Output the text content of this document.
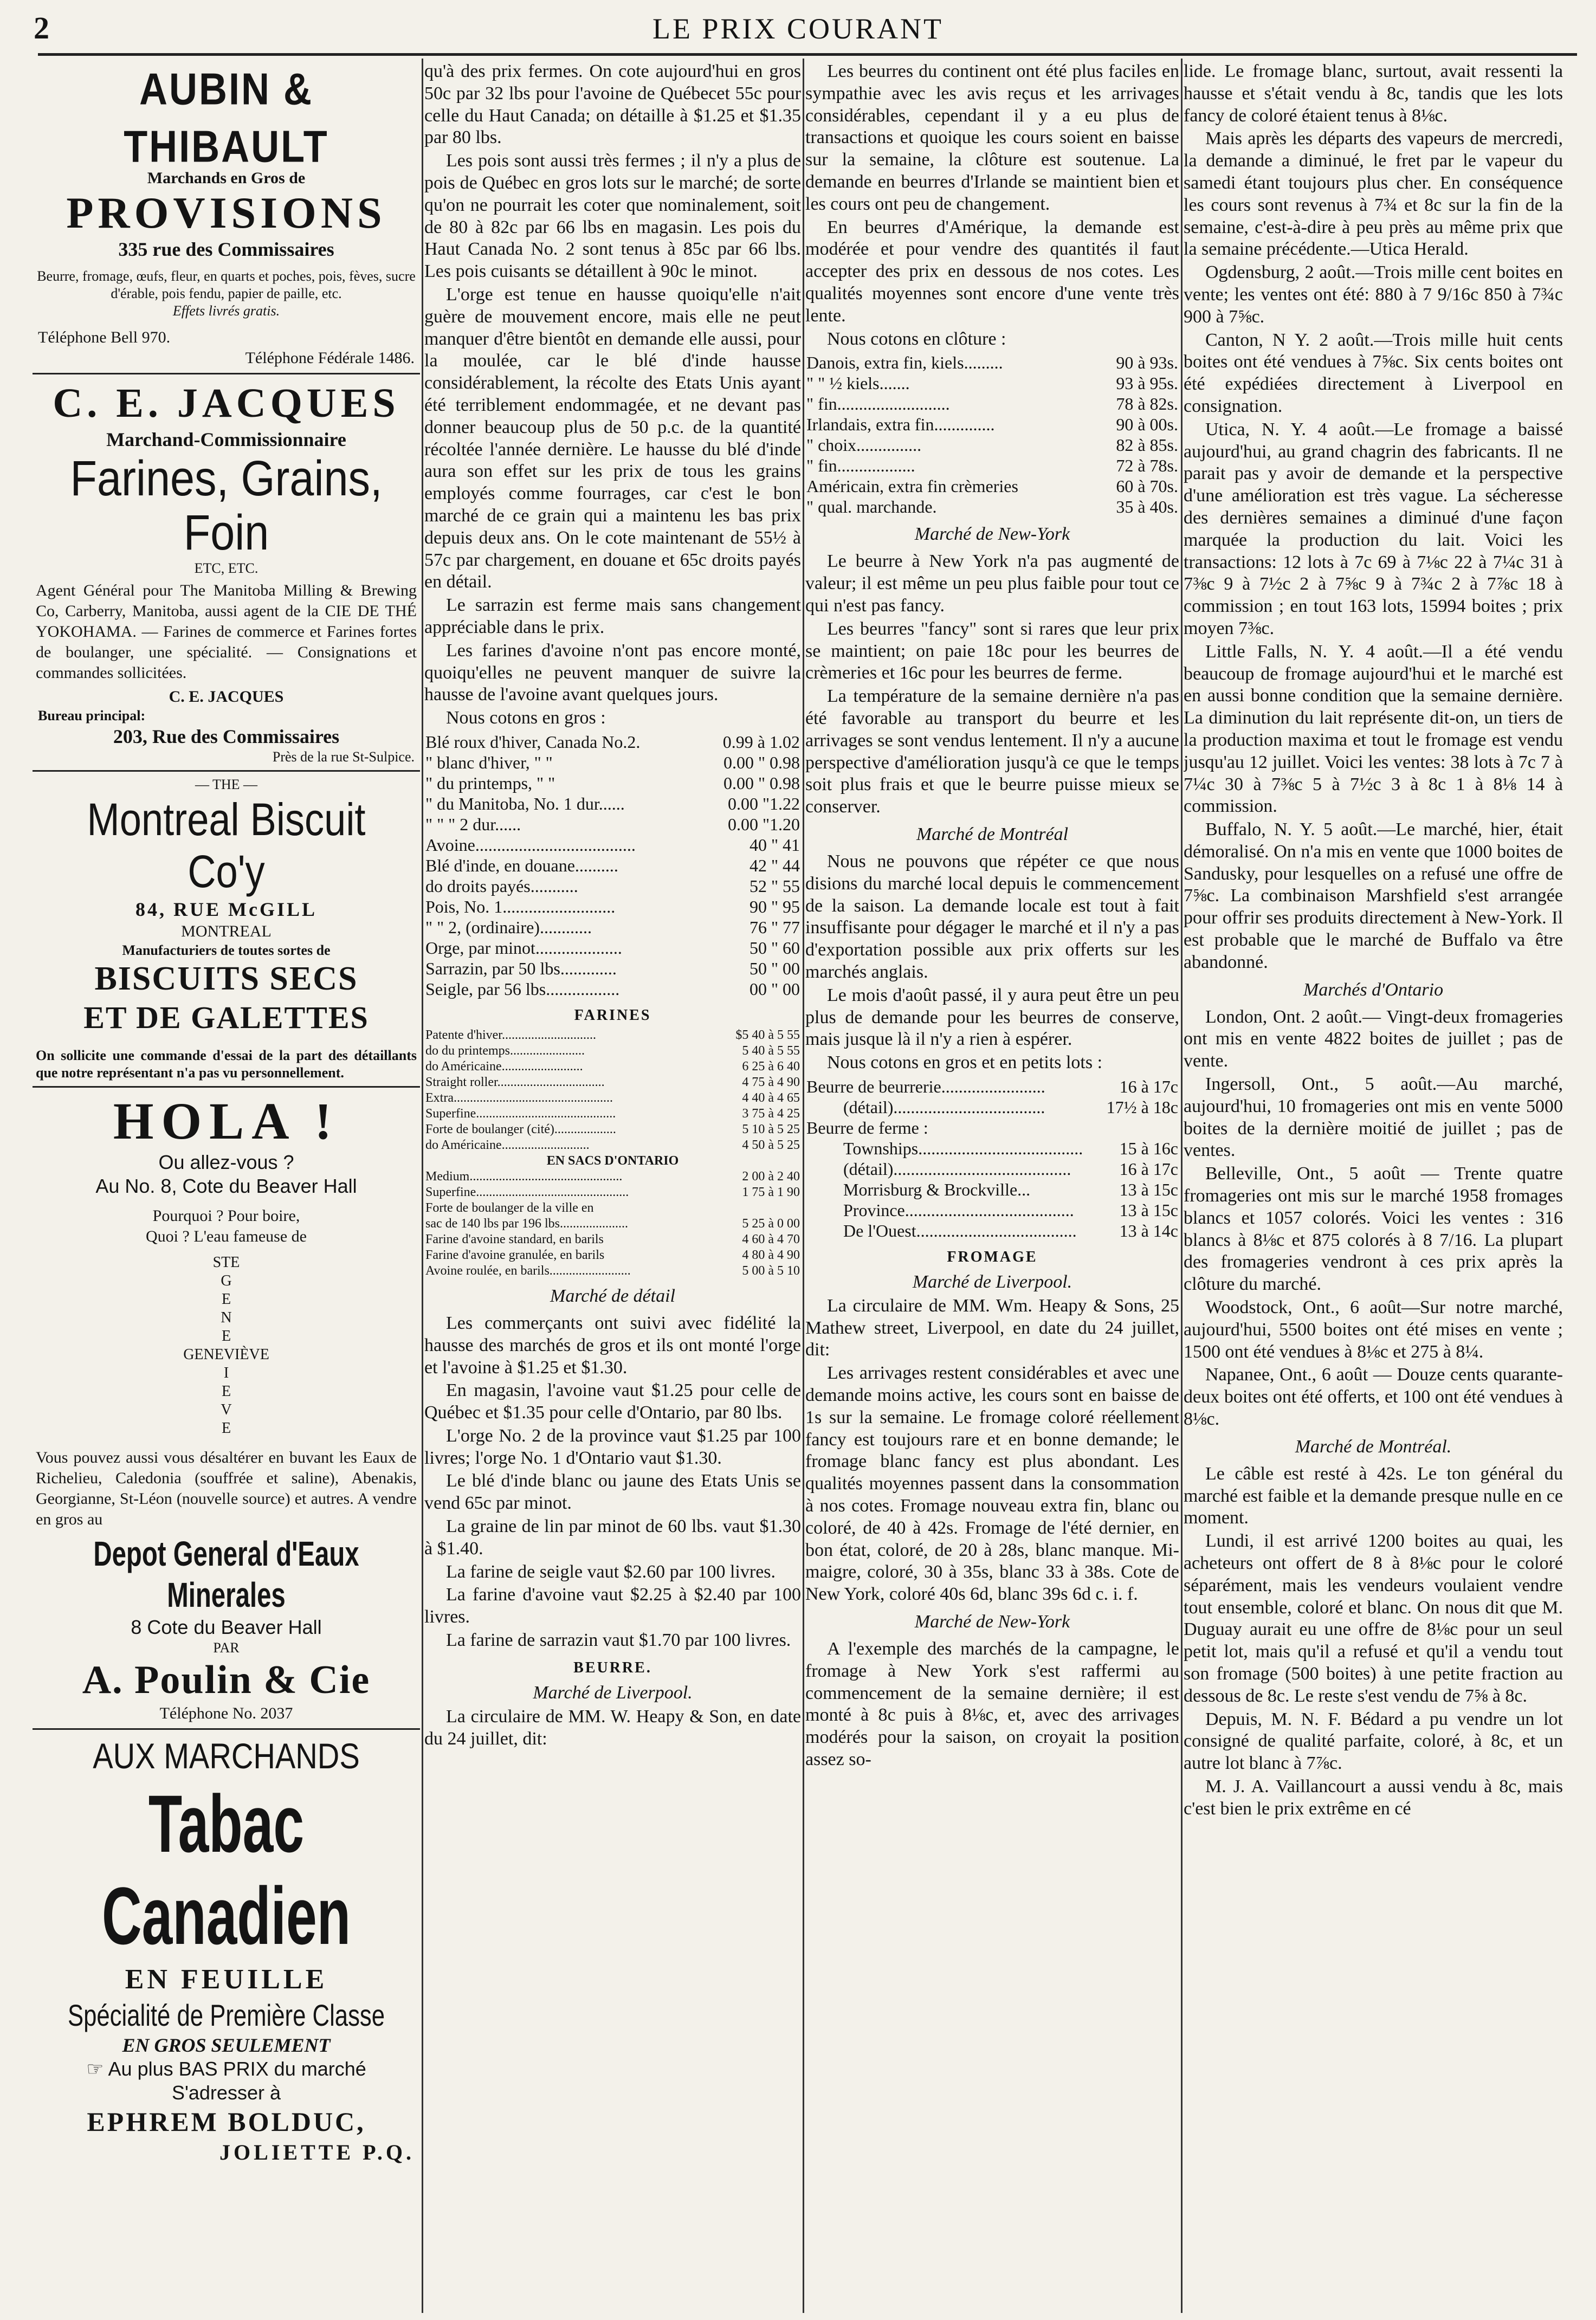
2	LE PRIX COURANT
AUBIN & THIBAULT
Marchands en Gros de
PROVISIONS
335 rue des Commissaires
Beurre, fromage, œufs, fleur, en quarts et poches, pois, fèves, sucre d'érable, pois fendu, papier de paille, etc.
Effets livrés gratis.
Téléphone Bell 970.
Téléphone Fédérale 1486.
C. E. JACQUES
Marchand-Commissionnaire
Farines, Grains, Foin
ETC, ETC.
Agent Général pour The Manitoba Milling & Brewing Co, Carberry, Manitoba, aussi agent de la CIE DE THÉ YOKOHAMA. — Farines de commerce et Farines fortes de boulanger, une spécialité. — Consignations et commandes sollicitées.
C. E. JACQUES
Bureau principal:
203, Rue des Commissaires
Près de la rue St-Sulpice.
— THE —
Montreal Biscuit Co'y
84, RUE McGILL
MONTREAL
Manufacturiers de toutes sortes de
BISCUITS SECS
ET DE GALETTES
On sollicite une commande d'essai de la part des détaillants que notre représentant n'a pas vu personnellement.
HOLA !
Ou allez-vous ?
Au No. 8, Cote du Beaver Hall
Pourquoi ? Pour boire,
Quoi ? L'eau fameuse de
STE
G
E
N
E
GENEVIÈVE
I
E
V
E
Vous pouvez aussi vous désaltérer en buvant les Eaux de Richelieu, Caledonia (souffrée et saline), Abenakis, Georgianne, St-Léon (nouvelle source) et autres. A vendre en gros au
Depot General d'Eaux Minerales
8 Cote du Beaver Hall
PAR
A. Poulin & Cie
Téléphone No. 2037
AUX MARCHANDS
Tabac Canadien
EN FEUILLE
Spécialité de Première Classe
EN GROS SEULEMENT
☞ Au plus BAS PRIX du marché
S'adresser à
EPHREM BOLDUC,
JOLIETTE P.Q.

qu'à des prix fermes. On cote aujourd'hui en gros 50c par 32 lbs pour l'avoine de Québecet 55c pour celle du Haut Canada; on détaille à $1.25 et $1.35 par 80 lbs.

Les pois sont aussi très fermes ; il n'y a plus de pois de Québec en gros lots sur le marché; de sorte qu'on ne pourrait les coter que nominalement, soit de 80 à 82c par 66 lbs en magasin. Les pois du Haut Canada No. 2 sont tenus à 85c par 66 lbs. Les pois cuisants se détaillent à 90c le minot.

L'orge est tenue en hausse quoiqu'elle n'ait guère de mouvement encore, mais elle ne peut manquer d'être bientôt en demande elle aussi, pour la moulée, car le blé d'inde hausse considérablement, la récolte des Etats Unis ayant été terriblement endommagée, et ne devant pas donner beaucoup plus de 50 p.c. de la quantité récoltée l'année dernière. Le hausse du blé d'inde aura son effet sur les prix de tous les grains employés comme fourrages, car c'est le bon marché de ce grain qui a maintenu les bas prix depuis deux ans. On le cote maintenant de 55½ à 57c par chargement, en douane et 65c droits payés en détail.

Le sarrazin est ferme mais sans changement appréciable dans le prix.

Les farines d'avoine n'ont pas encore monté, quoiqu'elles ne peuvent manquer de suivre la hausse de l'avoine avant quelques jours.

Nous cotons en gros :

Blé roux d'hiver, Canada No.2.	0.99 à 1.02
" blanc d'hiver, " "	0.00 " 0.98
" du printemps, " "	0.00 " 0.98
" du Manitoba, No. 1 dur......	0.00 "1.22
" " " 2 dur......	0.00 "1.20
Avoine.....................................	40 " 41
Blé d'inde, en douane..........	42 " 44
do droits payés...........	52 " 55
Pois, No. 1..........................	90 " 95
" " 2, (ordinaire)............	76 " 77
Orge, par minot....................	50 " 60
Sarrazin, par 50 lbs.............	50 " 00
Seigle, par 56 lbs.................	00 " 00
FARINES
Patente d'hiver.............................	$5 40 à 5 55
do du printemps.......................	5 40 à 5 55
do Américaine.........................	6 25 à 6 40
Straight roller.................................	4 75 à 4 90
Extra.................................................	4 40 à 4 65
Superfine...........................................	3 75 à 4 25
Forte de boulanger (cité)...................	5 10 à 5 25
do Américaine...........................	4 50 à 5 25
EN SACS D'ONTARIO	
Medium...............................................	2 00 à 2 40
Superfine...............................................	1 75 à 1 90
Forte de boulanger de la ville en	
sac de 140 lbs par 196 lbs.....................	5 25 à 0 00
Farine d'avoine standard, en barils	4 60 à 4 70
Farine d'avoine granulée, en barils	4 80 à 4 90
Avoine roulée, en barils.........................	5 00 à 5 10
Marché de détail

Les commerçants ont suivi avec fidélité la hausse des marchés de gros et ils ont monté l'orge et l'avoine à $1.25 et $1.30.

En magasin, l'avoine vaut $1.25 pour celle de Québec et $1.35 pour celle d'Ontario, par 80 lbs.

L'orge No. 2 de la province vaut $1.25 par 100 livres; l'orge No. 1 d'Ontario vaut $1.30.

Le blé d'inde blanc ou jaune des Etats Unis se vend 65c par minot.

La graine de lin par minot de 60 lbs. vaut $1.30 à $1.40.

La farine de seigle vaut $2.60 par 100 livres.

La farine d'avoine vaut $2.25 à $2.40 par 100 livres.

La farine de sarrazin vaut $1.70 par 100 livres.

BEURRE.
Marché de Liverpool.

La circulaire de MM. W. Heapy & Son, en date du 24 juillet, dit:

Les beurres du continent ont été plus faciles en sympathie avec les avis reçus et les arrivages considérables, cependant il y a eu plus de transactions et quoique les cours soient en baisse sur la semaine, la clôture est soutenue. La demande en beurres d'Irlande se maintient bien et les cours ont peu de changement.

En beurres d'Amérique, la demande est modérée et pour vendre des quantités il faut accepter des prix en dessous de nos cotes. Les qualités moyennes sont encore d'une vente très lente.

Nous cotons en clôture :

Danois, extra fin, kiels.........	90 à 93s.
" " ½ kiels.......	93 à 95s.
" fin..........................	78 à 82s.
Irlandais, extra fin..............	90 à 00s.
" choix...............	82 à 85s.
" fin..................	72 à 78s.
Américain, extra fin crèmeries	60 à 70s.
" qual. marchande.	35 à 40s.
Marché de New-York

Le beurre à New York n'a pas augmenté de valeur; il est même un peu plus faible pour tout ce qui n'est pas fancy.

Les beurres "fancy" sont si rares que leur prix se maintient; on paie 18c pour les beurres de crèmeries et 16c pour les beurres de ferme.

La température de la semaine dernière n'a pas été favorable au transport du beurre et les arrivages se sont vendus lentement. Il n'y a aucune perspective d'amélioration jusqu'à ce que le temps soit plus frais et que le beurre puisse mieux se conserver.

Marché de Montréal

Nous ne pouvons que répéter ce que nous disions du marché local depuis le commencement de la saison. La demande locale est tout à fait insuffisante pour dégager le marché et il n'y a pas d'exportation possible aux prix offerts sur les marchés anglais.

Le mois d'août passé, il y aura peut être un peu plus de demande pour les beurres de conserve, mais jusque là il n'y a rien à espérer.

Nous cotons en gros et en petits lots :

Beurre de beurrerie........................	16 à 17c
(détail)...................................	17½ à 18c
Beurre de ferme :	
Townships......................................	15 à 16c
(détail).........................................	16 à 17c
Morrisburg & Brockville...	13 à 15c
Province.......................................	13 à 15c
De l'Ouest.....................................	13 à 14c
FROMAGE
Marché de Liverpool.

La circulaire de MM. Wm. Heapy & Sons, 25 Mathew street, Liverpool, en date du 24 juillet, dit:

Les arrivages restent considérables et avec une demande moins active, les cours sont en baisse de 1s sur la semaine. Le fromage coloré réellement fancy est toujours rare et en bonne demande; le fromage blanc fancy est plus abondant. Les qualités moyennes passent dans la consommation à nos cotes. Fromage nouveau extra fin, blanc ou coloré, de 40 à 42s. Fromage de l'été dernier, en bon état, coloré, de 20 à 28s, blanc manque. Mi-maigre, coloré, 30 à 35s, blanc 33 à 38s. Cote de New York, coloré 40s 6d, blanc 39s 6d c. i. f.

Marché de New-York

A l'exemple des marchés de la campagne, le fromage à New York s'est raffermi au commencement de la semaine dernière; il est monté à 8c puis à 8⅛c, et, avec des arrivages modérés pour la saison, on croyait la position assez so-

lide. Le fromage blanc, surtout, avait ressenti la hausse et s'était vendu à 8c, tandis que les lots fancy de coloré étaient tenus à 8⅛c.

Mais après les départs des vapeurs de mercredi, la demande a diminué, le fret par le vapeur du samedi étant toujours plus cher. En conséquence les cours sont revenus à 7¾ et 8c sur la fin de la semaine, c'est-à-dire à peu près au même prix que la semaine précédente.—Utica Herald.

Ogdensburg, 2 août.—Trois mille cent boites en vente; les ventes ont été: 880 à 7 9/16c 850 à 7¾c 900 à 7⅝c.

Canton, N Y. 2 août.—Trois mille huit cents boites ont été vendues à 7⅝c. Six cents boites ont été expédiées directement à Liverpool en consignation.

Utica, N. Y. 4 août.—Le fromage a baissé aujourd'hui, au grand chagrin des fabricants. Il ne parait pas y avoir de demande et la perspective d'une amélioration est très vague. La sécheresse des dernières semaines a diminué d'une façon marquée la production du lait. Voici les transactions: 12 lots à 7c 69 à 7⅛c 22 à 7¼c 31 à 7⅜c 9 à 7½c 2 à 7⅝c 9 à 7¾c 2 à 7⅞c 18 à commission ; en tout 163 lots, 15994 boites ; prix moyen 7⅜c.

Little Falls, N. Y. 4 août.—Il a été vendu beaucoup de fromage aujourd'hui et le marché est en aussi bonne condition que la semaine dernière. La diminution du lait représente dit-on, un tiers de la production maxima et tout le fromage est vendu jusqu'au 12 juillet. Voici les ventes: 38 lots à 7c 7 à 7¼c 30 à 7⅜c 5 à 7½c 3 à 8c 1 à 8⅛ 14 à commission.

Buffalo, N. Y. 5 août.—Le marché, hier, était démoralisé. On n'a mis en vente que 1000 boites de Sandusky, pour lesquelles on a refusé une offre de 7⅝c. La combinaison Marshfield s'est arrangée pour offrir ses produits directement à New-York. Il est probable que le marché de Buffalo va être abandonné.

Marchés d'Ontario

London, Ont. 2 août.— Vingt-deux fromageries ont mis en vente 4822 boites de juillet ; pas de vente.

Ingersoll, Ont., 5 août.—Au marché, aujourd'hui, 10 fromageries ont mis en vente 5000 boites de la dernière moitié de juillet ; pas de ventes.

Belleville, Ont., 5 août — Trente quatre fromageries ont mis sur le marché 1958 fromages blancs et 1057 colorés. Voici les ventes : 316 blancs à 8⅛c et 875 colorés à 8 7/16. La plupart des fromageries vendront à ces prix après la clôture du marché.

Woodstock, Ont., 6 août—Sur notre marché, aujourd'hui, 5500 boites ont été mises en vente ; 1500 ont été vendues à 8⅛c et 275 à 8¼.

Napanee, Ont., 6 août — Douze cents quarante-deux boites ont été offerts, et 100 ont été vendues à 8⅛c.

Marché de Montréal.

Le câble est resté à 42s. Le ton général du marché est faible et la demande presque nulle en ce moment.

Lundi, il est arrivé 1200 boites au quai, les acheteurs ont offert de 8 à 8⅛c pour le coloré séparément, mais les vendeurs voulaient vendre tout ensemble, coloré et blanc. On nous dit que M. Duguay aurait eu une offre de 8⅛c pour un seul petit lot, mais qu'il a refusé et qu'il a vendu tout son fromage (500 boites) à une petite fraction au dessous de 8c. Le reste s'est vendu de 7⅝ à 8c.

Depuis, M. N. F. Bédard a pu vendre un lot consigné de qualité parfaite, coloré, à 8c, et un autre lot blanc à 7⅞c.

M. J. A. Vaillancourt a aussi vendu à 8c, mais c'est bien le prix extrême en cé
